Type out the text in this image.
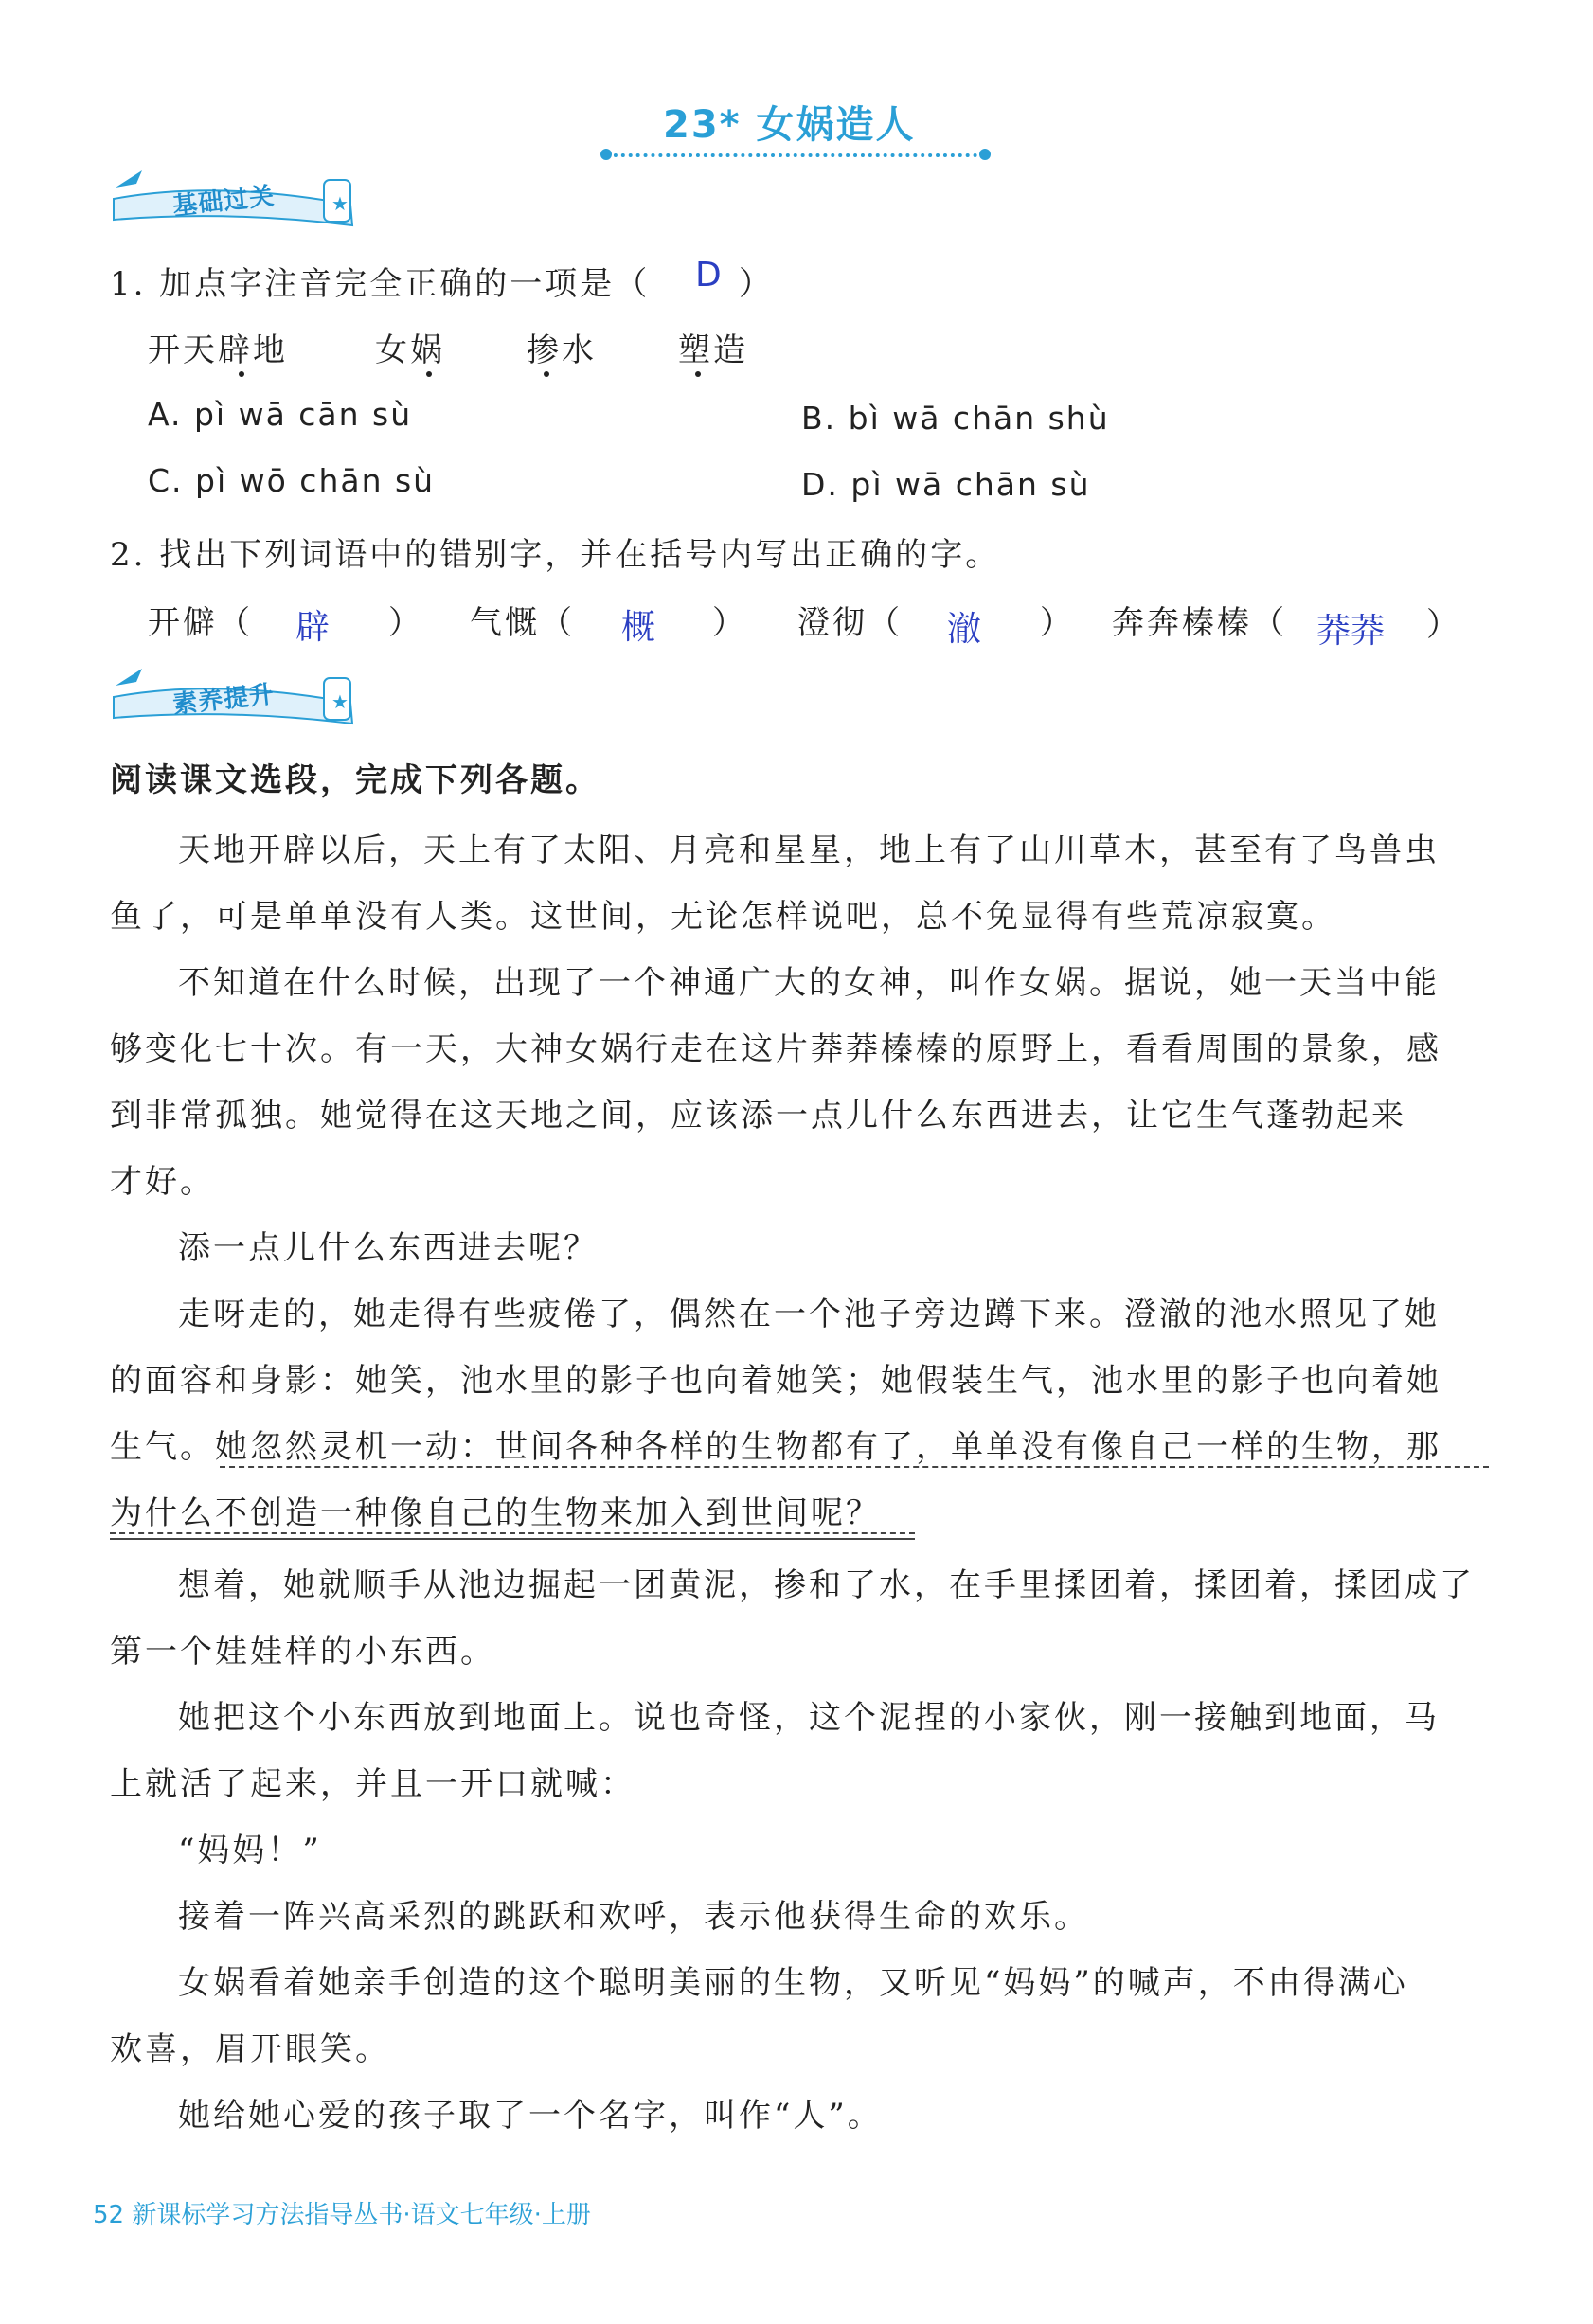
23* 女娲造人
★
基础过关
1. 加点字注音完全正确的一项是（ D ）
开天辟地	女娲	掺水	塑造
A. pì wā cān sù	B. bì wā chān shù
C. pì wō chān sù	D. pì wā chān sù
2. 找出下列词语中的错别字，并在括号内写出正确的字。
开僻（ 辟 ） 气慨（ 概 ） 澄彻（ 澈 ） 奔奔榛榛（ 莽莽 ）
★
素养提升
阅读课文选段，完成下列各题。
天地开辟以后，天上有了太阳、月亮和星星，地上有了山川草木，甚至有了鸟兽虫
鱼了，可是单单没有人类。这世间，无论怎样说吧，总不免显得有些荒凉寂寞。
不知道在什么时候，出现了一个神通广大的女神，叫作女娲。据说，她一天当中能
够变化七十次。有一天，大神女娲行走在这片莽莽榛榛的原野上，看看周围的景象，感
到非常孤独。她觉得在这天地之间，应该添一点儿什么东西进去，让它生气蓬勃起来
才好。
添一点儿什么东西进去呢？
走呀走的，她走得有些疲倦了，偶然在一个池子旁边蹲下来。澄澈的池水照见了她
的面容和身影：她笑，池水里的影子也向着她笑；她假装生气，池水里的影子也向着她
生气。她忽然灵机一动：世间各种各样的生物都有了，单单没有像自己一样的生物，那
为什么不创造一种像自己的生物来加入到世间呢？
想着，她就顺手从池边掘起一团黄泥，掺和了水，在手里揉团着，揉团着，揉团成了
第一个娃娃样的小东西。
她把这个小东西放到地面上。说也奇怪，这个泥捏的小家伙，刚一接触到地面，马
上就活了起来，并且一开口就喊：
“妈妈！”
接着一阵兴高采烈的跳跃和欢呼，表示他获得生命的欢乐。
女娲看着她亲手创造的这个聪明美丽的生物，又听见“妈妈”的喊声，不由得满心
欢喜，眉开眼笑。
她给她心爱的孩子取了一个名字，叫作“人”。
52 新课标学习方法指导丛书·语文七年级·上册
